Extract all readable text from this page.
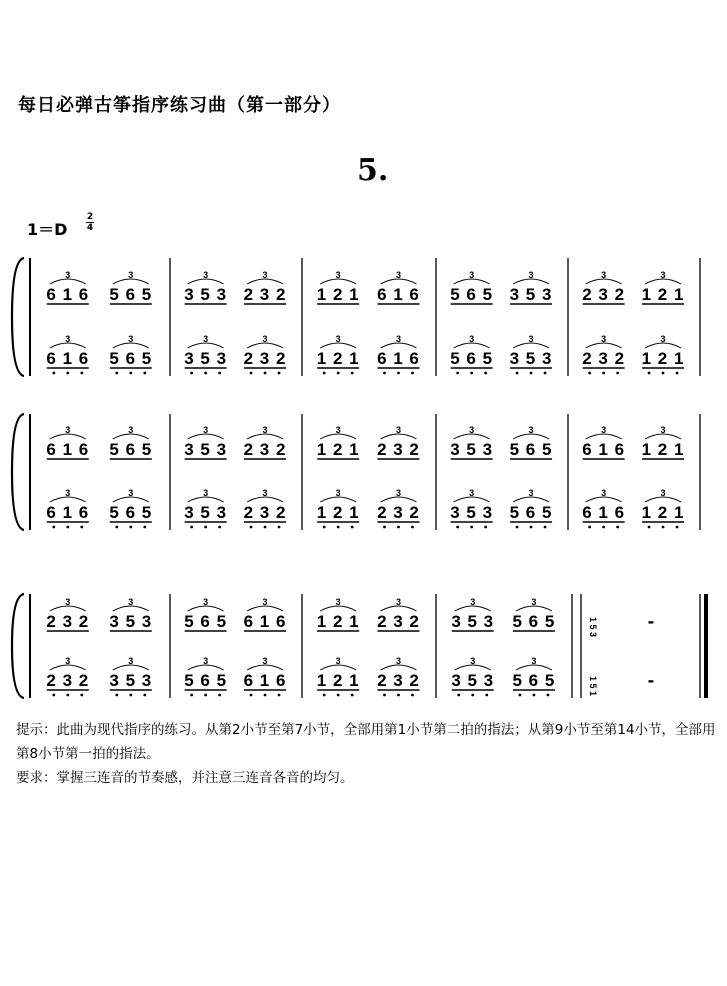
每日必弹古筝指序练习曲（第一部分）
5.
1＝D
2
4
6 1 6
3
5 6 5
3
3 5 3
3
2 3 2
3
1 2 1
3
6 1 6
3
5 6 5
3
3 5 3
3
2 3 2
3
1 2 1
3
6 1 6
3
5 6 5
3
3 5 3
3
2 3 2
3
1 2 1
3
6 1 6
3
5 6 5
3
3 5 3
3
2 3 2
3
1 2 1
3
6 1 6
3
5 6 5
3
3 5 3
3
2 3 2
3
1 2 1
3
2 3 2
3
3 5 3
3
5 6 5
3
6 1 6
3
1 2 1
3
6 1 6
3
5 6 5
3
3 5 3
3
2 3 2
3
1 2 1
3
2 3 2
3
3 5 3
3
5 6 5
3
6 1 6
3
1 2 1
3
2 3 2
3
3 5 3
3
5 6 5
3
6 1 6
3
1 2 1
3
2 3 2
3
3 5 3
3
5 6 5
3
2 3 2
3
3 5 3
3
5 6 5
3
6 1 6
3
1 2 1
3
2 3 2
3
3 5 3
3
5 6 5
3
1 5 3
1 5 1
-
-

提示：此曲为现代指序的练习。从第2小节至第7小节，全部用第1小节第二拍的指法；从第9小节至第14小节，全部用第8小节第一拍的指法。

要求：掌握三连音的节奏感，并注意三连音各音的均匀。
